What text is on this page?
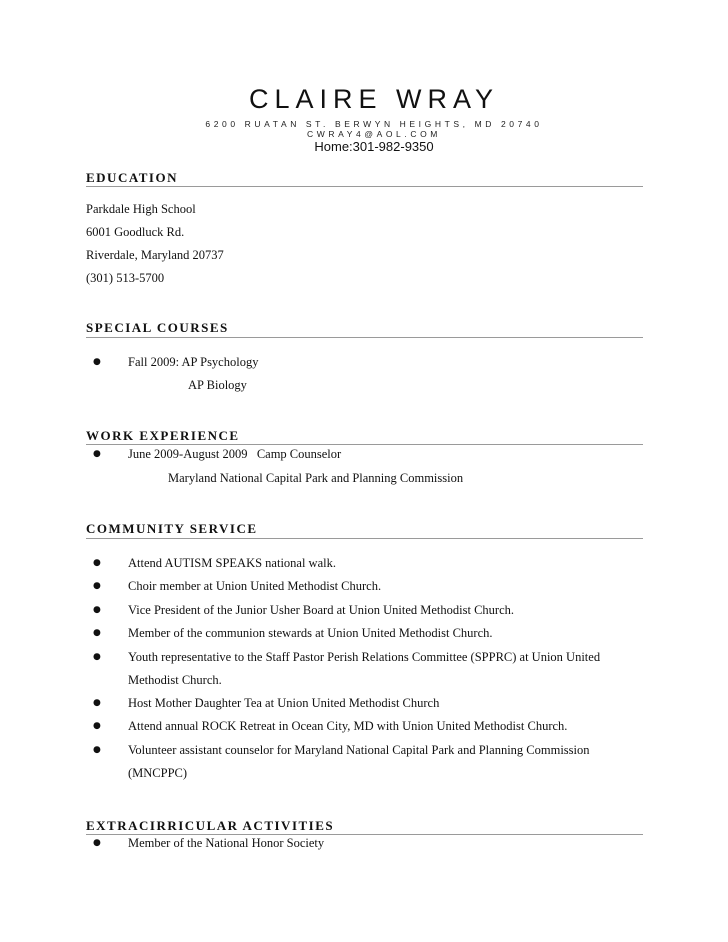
CLAIRE WRAY
6200 RUATAN ST. BERWYN HEIGHTS, MD 20740
CWRAY4@AOL.COM
Home:301-982-9350
EDUCATION
Parkdale High School
6001 Goodluck Rd.
Riverdale, Maryland 20737
(301) 513-5700
SPECIAL COURSES
● Fall 2009: AP Psychology
AP Biology
WORK EXPERIENCE
● June 2009-August 2009   Camp Counselor
Maryland National Capital Park and Planning Commission
COMMUNITY SERVICE
● Attend AUTISM SPEAKS national walk.
● Choir member at Union United Methodist Church.
● Vice President of the Junior Usher Board at Union United Methodist Church.
● Member of the communion stewards at Union United Methodist Church.
● Youth representative to the Staff Pastor Perish Relations Committee (SPPRC) at Union United
Methodist Church.
● Host Mother Daughter Tea at Union United Methodist Church
● Attend annual ROCK Retreat in Ocean City, MD with Union United Methodist Church.
● Volunteer assistant counselor for Maryland National Capital Park and Planning Commission
(MNCPPC)
EXTRACIRRICULAR ACTIVITIES
● Member of the National Honor Society
